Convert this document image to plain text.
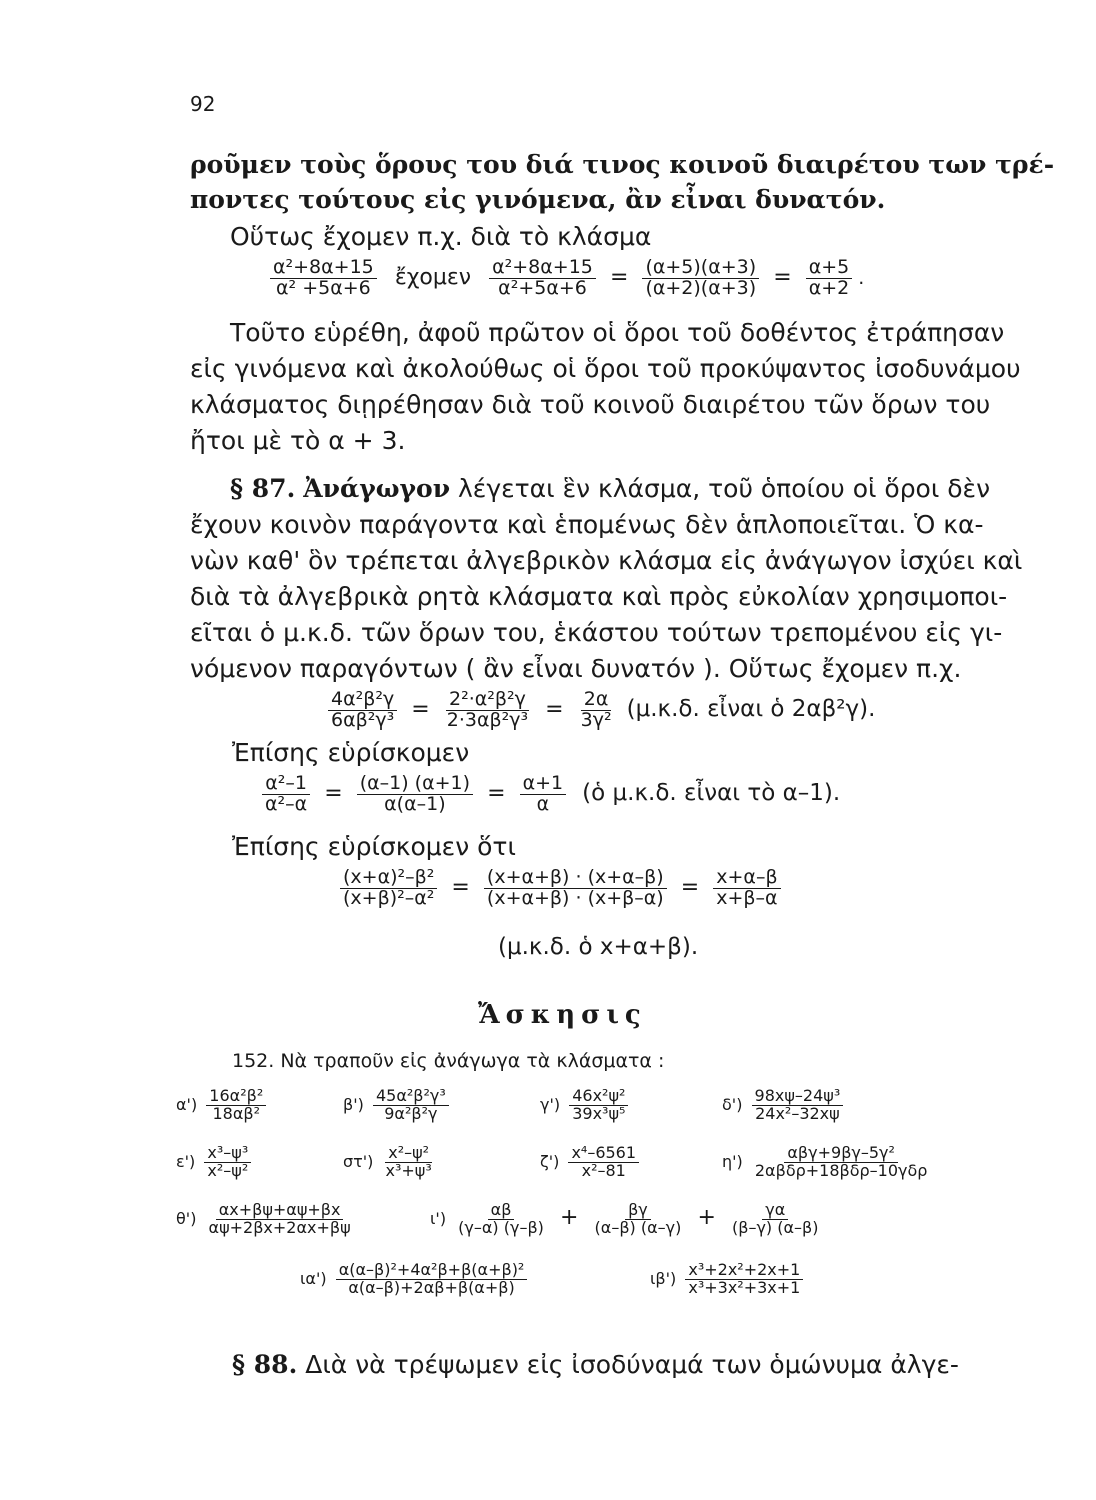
92
ροῦμεν τοὺς ὅρους του διά τινος κοινοῦ διαιρέτου των τρέ-
ποντες τούτους εἰς γινόμενα, ἂν εἶναι δυνατόν.
Οὕτως ἔχομεν π.χ. διὰ τὸ κλάσμα
$\frac{\text{α²+8α+15}}{\text{α² +5α+6}}$ ἔχομεν $\frac{\text{α²+8α+15}}{\text{α²+5α+6}} = \frac{(\alpha+5)(\alpha+3)}{(\alpha+2)(\alpha+3)} = \frac{\alpha+5}{\alpha+2}$ .
Τοῦτο εὑρέθη, ἀφοῦ πρῶτον οἱ ὅροι τοῦ δοθέντος ἐτράπησαν
εἰς γινόμενα καὶ ἀκολούθως οἱ ὅροι τοῦ προκύψαντος ἰσοδυνάμου
κλάσματος διῃρέθησαν διὰ τοῦ κοινοῦ διαιρέτου τῶν ὅρων του
ἤτοι μὲ τὸ α + 3.
§ 87. Ἀνάγωγον λέγεται ἓν κλάσμα, τοῦ ὁποίου οἱ ὅροι δὲν
ἔχουν κοινὸν παράγοντα καὶ ἑπομένως δὲν ἁπλοποιεῖται. Ὁ κα-
νὼν καθ' ὃν τρέπεται ἀλγεβρικὸν κλάσμα εἰς ἀνάγωγον ἰσχύει καὶ
διὰ τὰ ἀλγεβρικὰ ρητὰ κλάσματα καὶ πρὸς εὐκολίαν χρησιμοποι-
εῖται ὁ μ.κ.δ. τῶν ὅρων του, ἑκάστου τούτων τρεπομένου εἰς γι-
νόμενον παραγόντων ( ἂν εἶναι δυνατόν ). Οὕτως ἔχομεν π.χ.
$\frac{\text{4α²β²γ}}{\text{6αβ²γ³}} = \frac{\text{2²·α²β²γ}}{\text{2·3αβ²γ³}} = \frac{2\alpha}{\text{3γ²}} (\mu.\kappa.\delta$. εἶναι ὁ 2αβ²γ).
Ἐπίσης εὑρίσκομεν
$\frac{\text{α²–1}}{\text{α²–α}} = \frac{(\alpha-1) (\alpha+1)}{\alpha(\alpha-1)} = \frac{\alpha+1}{\alpha}$ (ὁ μ.κ.δ. εἶναι τὸ α–1).
Ἐπίσης εὑρίσκομεν ὅτι
$\frac{\text{(x+α)²–β²}}{\text{(x+β)²–α²}} = \frac{(x+\alpha+\beta) \cdot (x+\alpha-\beta)}{(x+\alpha+\beta) \cdot (x+\beta-\alpha)} = \frac{x+\alpha-\beta}{x+\beta-\alpha}$
(μ.κ.δ. ὁ x+α+β).
Ἄσκησις
152. Νὰ τραποῦν εἰς ἀνάγωγα τὰ κλάσματα :
$\alpha') \frac{\text{16α²β²}}{\text{18αβ²}}$	$\beta') \frac{\text{45α²β²γ³}}{\text{9α²β²γ}}$	$\gamma') \frac{\text{46x²ψ²}}{\text{39x³ψ⁵}}$	$\delta') \frac{\text{98xψ–24ψ³}}{\text{24x²–32xψ}}$
$\varepsilon') \frac{\text{x³–ψ³}}{\text{x²–ψ²}}$	$\sigma\tau') \frac{\text{x²–ψ²}}{\text{x³+ψ³}}$	$\zeta') \frac{\text{x⁴–6561}}{\text{x²–81}}$	$\eta') \frac{\text{αβγ+9βγ–5γ²}}{\text{2αβδρ+18βδρ–10γδρ}}$
$\theta') \frac{\alpha x+\beta\psi+\alpha\psi+\beta x}{\alpha\psi+2\beta x+2\alpha x+\beta\psi}$	$\iota') \frac{\alpha\beta}{(\gamma-\alpha) (\gamma-\beta)} + \frac{\beta\gamma}{(\alpha-\beta) (\alpha-\gamma)} + \frac{\gamma\alpha}{(\beta-\gamma) (\alpha-\beta)}$
$\iota\alpha') \frac{\text{α(α–β)²+4α²β+β(α+β)²}}{\alpha(\alpha-\beta)+2\alpha\beta+\beta(\alpha+\beta)}$	$\iota\beta') \frac{\text{x³+2x²+2x+1}}{\text{x³+3x²+3x+1}}$
§ 88. Διὰ νὰ τρέψωμεν εἰς ἰσοδύναμά των ὁμώνυμα ἀλγε-
